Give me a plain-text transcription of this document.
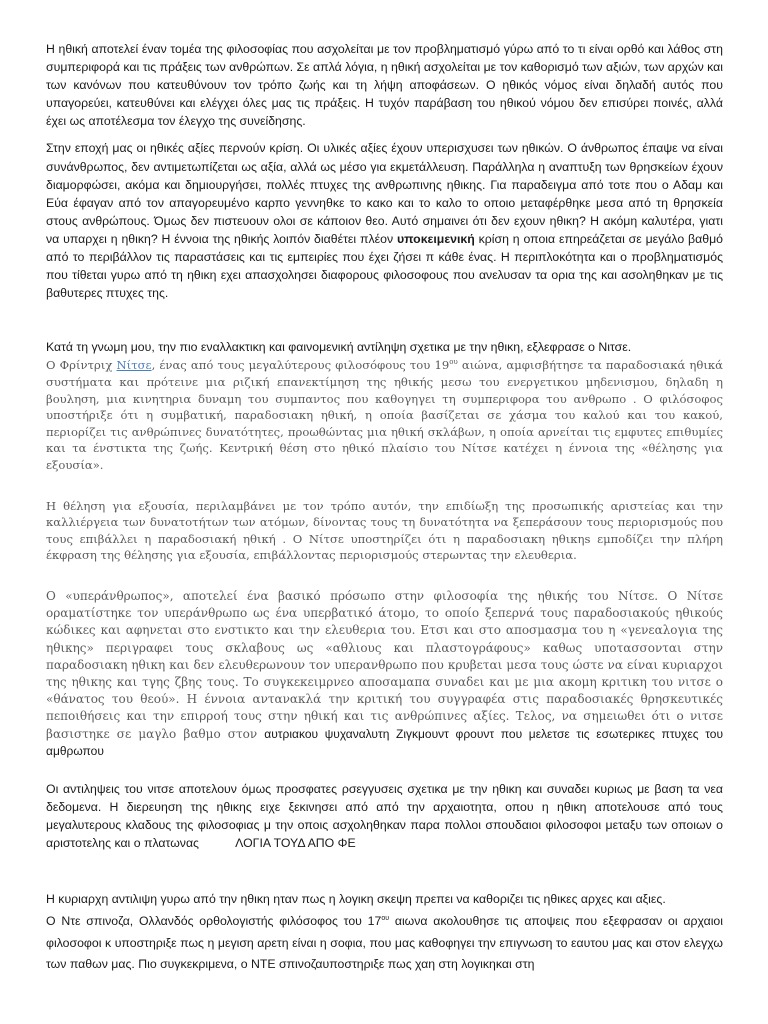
Η ηθική αποτελεί έναν τομέα της φιλοσοφίας που ασχολείται με τον προβληματισμό γύρω από το τι είναι ορθό και λάθος στη συμπεριφορά και τις πράξεις των ανθρώπων. Σε απλά λόγια, η ηθική ασχολείται με τον καθορισμό των αξιών, των αρχών και των κανόνων που κατευθύνουν τον τρόπο ζωής και τη λήψη αποφάσεων. Ο ηθικός νόμος είναι δηλαδή αυτός που υπαγορεύει, κατευθύνει και ελέγχει όλες μας τις πράξεις. Η τυχόν παράβαση του ηθικού νόμου δεν επισύρει ποινές, αλλά έχει ως αποτέλεσμα τον έλεγχο της συνείδησης.

Στην εποχή μας οι ηθικές αξίες περνούν κρίση. Οι υλικές αξίες έχουν υπερισχυσει των ηθικών. Ο άνθρωπος έπαψε να είναι συνάνθρωπος, δεν αντιμετωπίζεται ως αξία, αλλά ως μέσο για εκμετάλλευση. Παράλληλα η αναπτυξη των θρησκείων έχουν διαμορφώσει, ακόμα και δημιουργήσει, πολλές πτυχες της ανθρωπινης ηθικης. Για παραδειγμα από τοτε που ο Αδαμ και Εύα έφαγαν από τον απαγορευμένο καρπο γεννηθκε το κακο και το καλο το οποιο μεταφέρθηκε μεσα από τη θρησκεία στους ανθρώπους. Όμως δεν πιστευουν ολοι σε κάποιον θεο. Αυτό σημαινει ότι δεν εχουν ηθικη? Η ακόμη καλυτέρα, γιατι να υπαρχει η ηθικη? Η έννοια της ηθικής λοιπόν διαθέτει πλέον υποκειμενική κρίση η οποια επηρεάζεται σε μεγάλο βαθμό από το περιβάλλον τις παραστάσεις και τις εμπειρίες που έχει ζήσει π κάθε ένας. Η περιπλοκότητα και ο προβληματισμός που τίθεται γυρω από τη ηθικη εχει απασχολησει διαφορους φιλοσοφους που ανελυσαν τα ορια της και ασοληθηκαν με τις βαθυτερες πτυχες της.

Κατά τη γνωμη μου, την πιο εναλλακτικη και φαινομενική αντίληψη σχετικα με την ηθικη, εξλεφρασε ο Νιτσε.

Ο Φρίντριχ Νίτσε, ένας από τους μεγαλύτερους φιλοσόφους του $19^{o\upsilon}$ αιώνα, αμφισβήτησε τα παραδοσιακά ηθικά συστήματα και πρότεινε μια ριζική επανεκτίμηση της ηθικής μεσω του ενεργετικου μηδενισμου, δηλαδη η βουληση, μια κινητηρια δυναμη του συμπαντος που καθογηγει τη συμπεριφορα του ανθρωπο . Ο φιλόσοφος υποστήριξε ότι η συμβατική, παραδοσιακη ηθική, η οποία βασίζεται σε χάσμα του καλού και του κακού, περιορίζει τις ανθρώπινες δυνατότητες, προωθώντας μια ηθική σκλάβων, η οποία αρνείται τις εμφυτες επιθυμίες και τα ένστικτα της ζωής. Κεντρική θέση στο ηθικό πλαίσιο του Νίτσε κατέχει η έννοια της «θέλησης για εξουσία».

Η θέληση για εξουσία, περιλαμβάνει με τον τρόπο αυτόν, την επιδίωξη της προσωπικής αριστείας και την καλλιέργεια των δυνατοτήτων των ατόμων, δίνοντας τους τη δυνατότητα να ξεπεράσουν τους περιορισμούς που τους επιβάλλει η παραδοσιακή ηθική . Ο Νίτσε υποστηρίζει ότι η παραδοσιακη ηθικηs εμποδίζει την πλήρη έκφραση της θέλησης για εξουσία, επιβάλλοντας περιορισμούς στερωντας την ελευθερια.

Ο «υπεράνθρωπος», αποτελεί ένα βασικό πρόσωπο στην φιλοσοφία της ηθικής του Νίτσε. Ο Νίτσε οραματίστηκε τον υπεράνθρωπο ως ένα υπερβατικό άτομο, το οποίο ξεπερνά τους παραδοσιακούς ηθικούς κώδικες και αφηνεται στο ενστικτο και την ελευθερια του. Ετσι και στο αποσμασμα του η «γενεαλογια της ηθικης» περιγραφει τους σκλαβους ως «αθλιους και πλαστογράφους» καθως υποτασσονται στην παραδοσιακη ηθικη και δεν ελευθερωνουν τον υπερανθρωπο που κρυβεται μεσα τους ώστε να είναι κυριαρχοι της ηθικης και τγης ζβης τους. Το συγκεκειμρνεο αποσαμαπα συναδει και με μια ακομη κριτικη του νιτσε ο «θάνατος του θεού». Η έννοια αντανακλά την κριτική του συγγραφέα στις παραδοσιακές θρησκευτικές πεποιθήσεις και την επιρροή τους στην ηθική και τις ανθρώπινες αξίες. Τελος, να σημειωθει ότι ο νιτσε βασιστηκε σε μαγλο βαθμο στον αυτριακου ψυχαναλυτη Ζιγκμουντ φρουντ που μελετσε τις εσωτερικες πτυχες του αμθρωπου

Οι αντιληψεις του νιτσε αποτελουν όμως προσφατες ρσεγγυσεις σχετικα με την ηθικη και συναδει κυριως με βαση τα νεα δεδομενα. Η διερευηση της ηθικης ειχε ξεκινησει από από την αρχαιοτητα, οπου η ηθικη αποτελουσε από τους μεγαλυτερους κλαδους της φιλοσοφιας μ την οποις ασχοληθηκαν παρα πολλοι σπουδαιοι φιλοσοφοι μεταξυ των οποιων ο αριστοτελης και ο πλατωνας	ΛΟΓΙΑ ΤΟΥΔ ΑΠΟ ΦΕ

Η κυριαρχη αντιλιψη γυρω από την ηθικη ηταν πως η λογικη σκεψη πρεπει να καθοριζει τις ηθικες αρχες και αξιες.

Ο Ντε σπινοζα, Ολλανδός ορθολογιστής φιλόσοφος του $17^{o\upsilon}$ αιωνα ακολουθησε τις αποψεις που εξεφρασαν οι αρχαιοι φιλοσοφοι κ υποστηριξε πως η μεγιση αρετη είναι η σοφια, που μας καθοφηγει την επιγνωση το εαυτου μας και στον ελεγχω των παθων μας. Πιο συγκεκριμενα, ο ΝΤΕ σπινοζαυποστηριξε πως χαη στη λογικηκαι στη
